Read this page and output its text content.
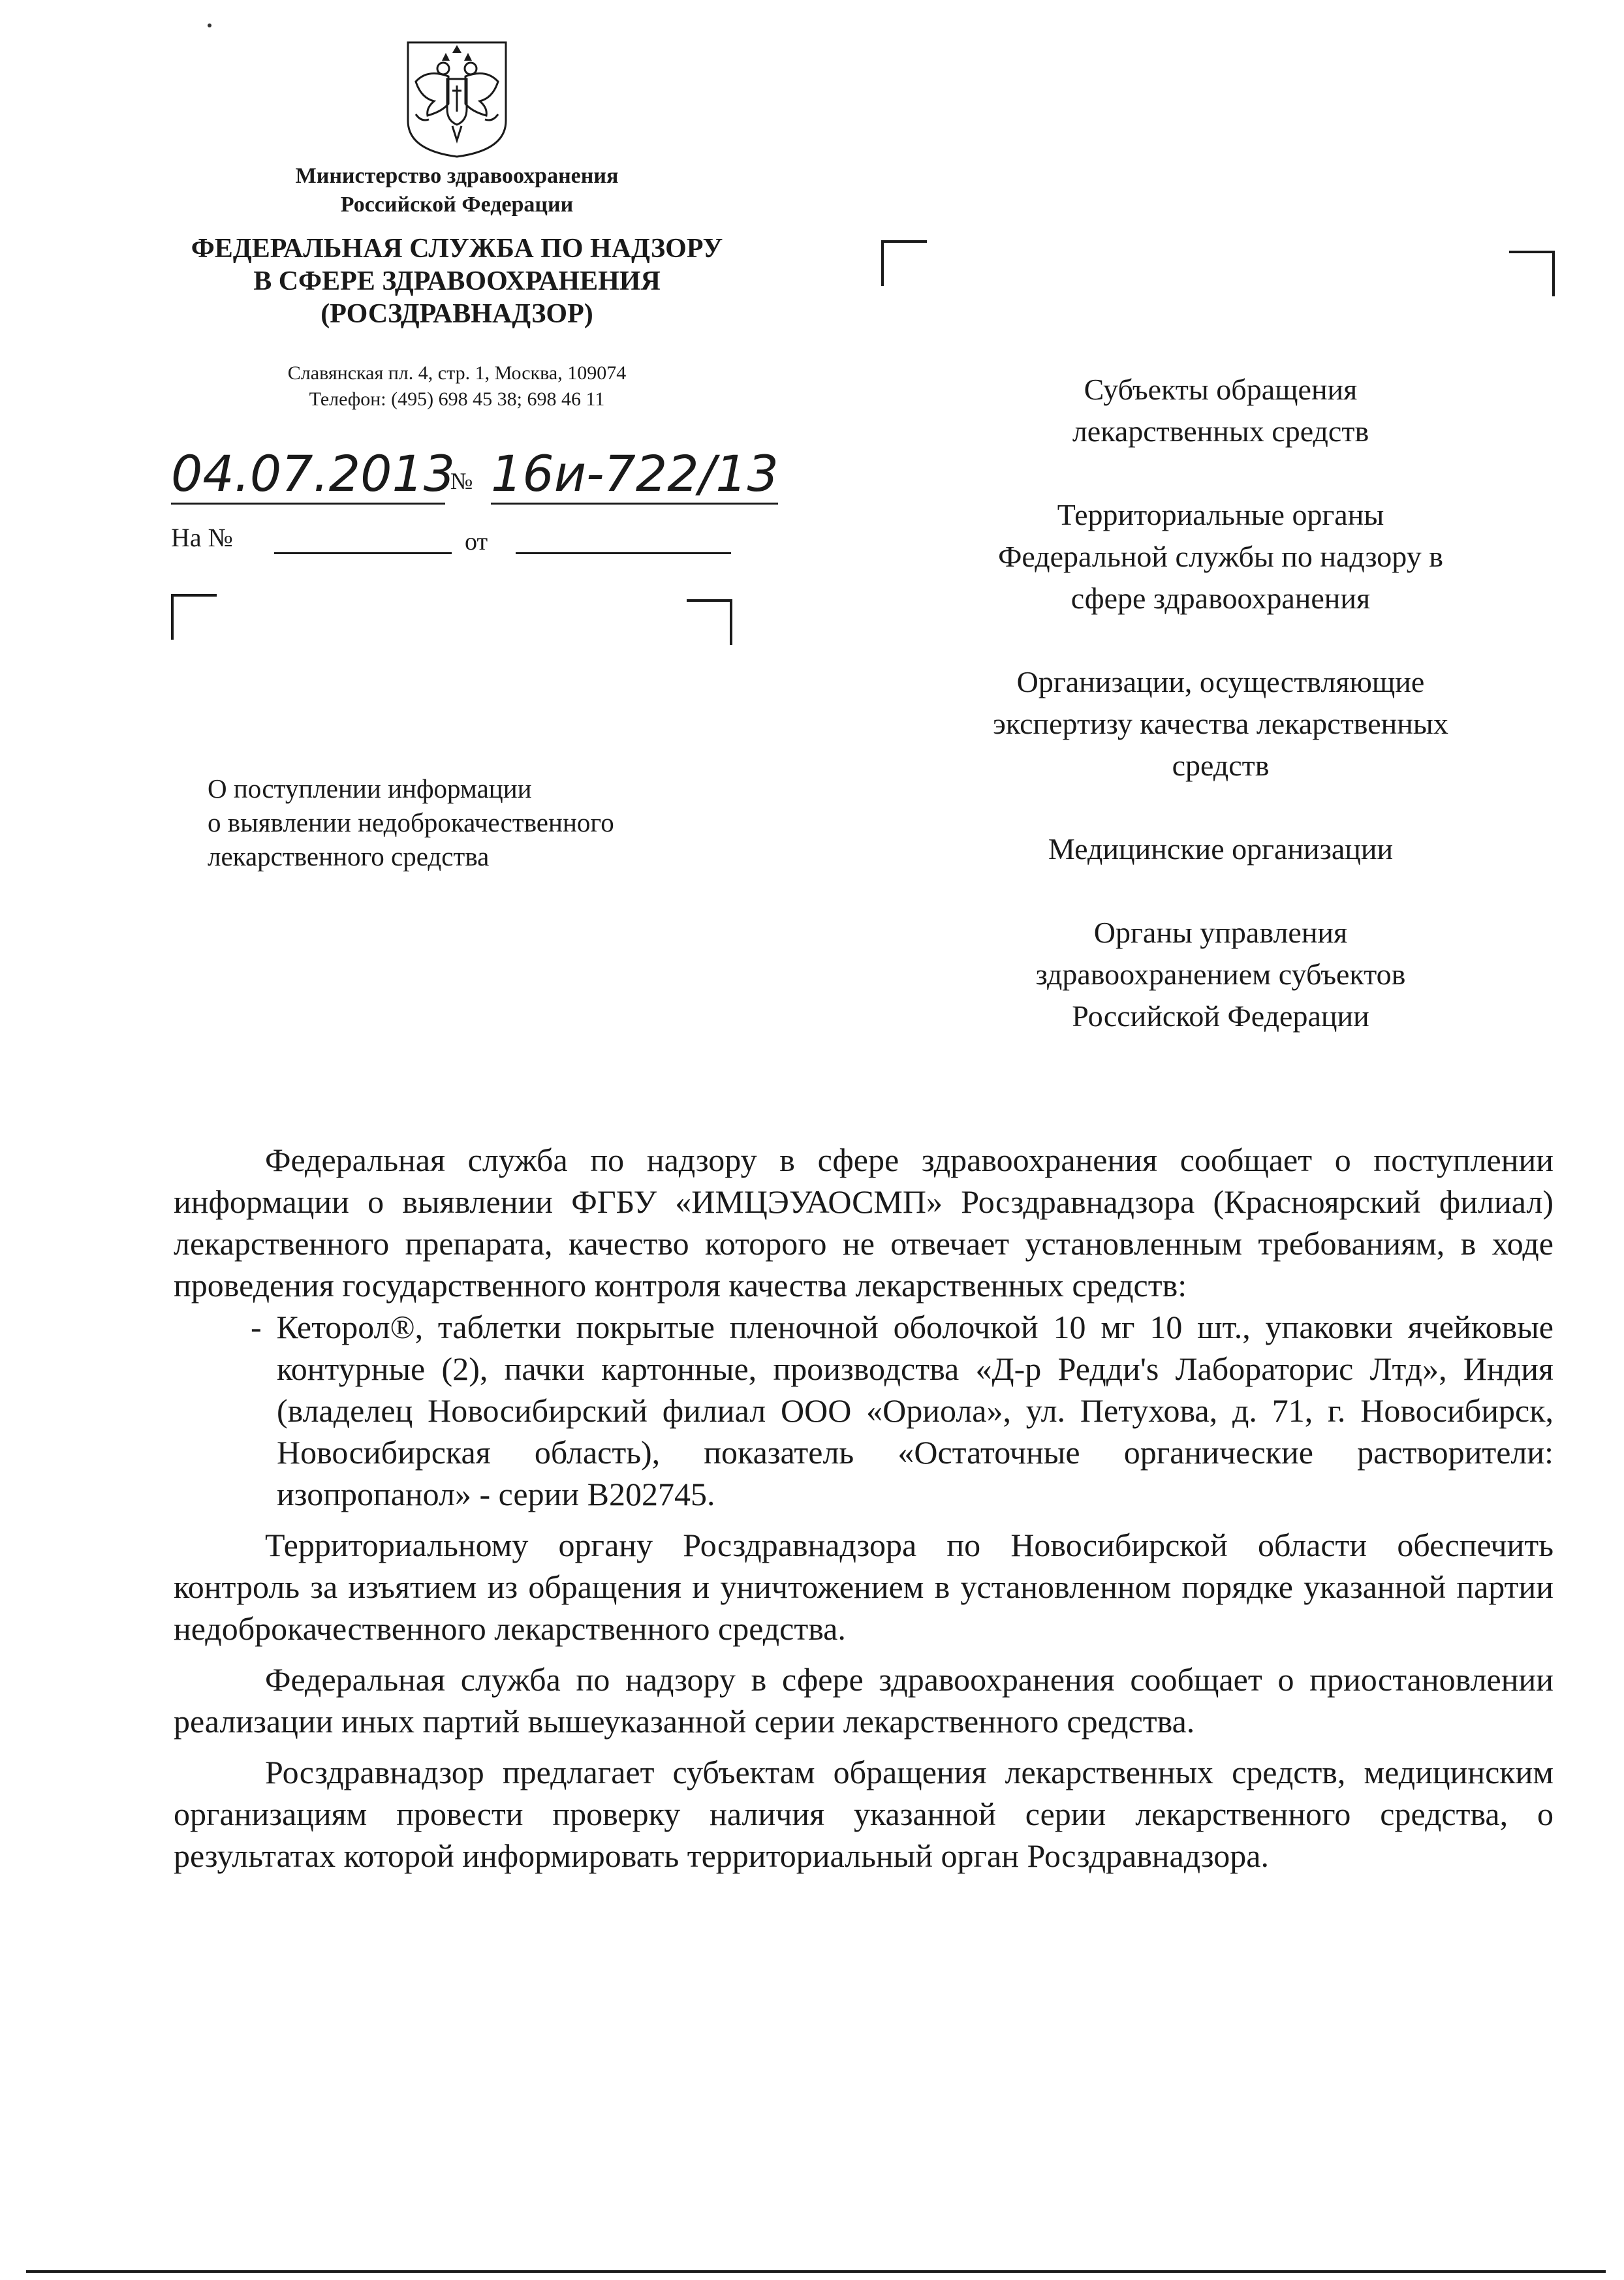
Министерство здравоохранения
Российской Федерации
ФЕДЕРАЛЬНАЯ СЛУЖБА ПО НАДЗОРУ
В СФЕРЕ ЗДРАВООХРАНЕНИЯ
(РОСЗДРАВНАДЗОР)
Славянская пл. 4, стр. 1, Москва, 109074
Телефон: (495) 698 45 38; 698 46 11
04.07.2013
№ 16и-722/13
На №	от
О поступлении информации
о выявлении недоброкачественного
лекарственного средства
Субъекты обращения
лекарственных средств
Территориальные органы
Федеральной службы по надзору в
сфере здравоохранения
Организации, осуществляющие
экспертизу качества лекарственных
средств
Медицинские организации
Органы управления
здравоохранением субъектов
Российской Федерации

Федеральная служба по надзору в сфере здравоохранения сообщает о поступлении информации о выявлении ФГБУ «ИМЦЭУАОСМП» Росздравнадзора (Красноярский филиал) лекарственного препарата, качество которого не отвечает установленным требованиям, в ходе проведения государственного контроля качества лекарственных средств:

- Кеторол®, таблетки покрытые пленочной оболочкой 10 мг 10 шт., упаковки ячейковые контурные (2), пачки картонные, производства «Д-р Редди's Лабораторис Лтд», Индия (владелец Новосибирский филиал ООО «Ориола», ул. Петухова, д. 71, г. Новосибирск, Новосибирская область), показатель «Остаточные органические растворители: изопропанол» - серии В202745.

Территориальному органу Росздравнадзора по Новосибирской области обеспечить контроль за изъятием из обращения и уничтожением в установленном порядке указанной партии недоброкачественного лекарственного средства.

Федеральная служба по надзору в сфере здравоохранения сообщает о приостановлении реализации иных партий вышеуказанной серии лекарственного средства.

Росздравнадзор предлагает субъектам обращения лекарственных средств, медицинским организациям провести проверку наличия указанной серии лекарственного средства, о результатах которой информировать территориальный орган Росздравнадзора.
